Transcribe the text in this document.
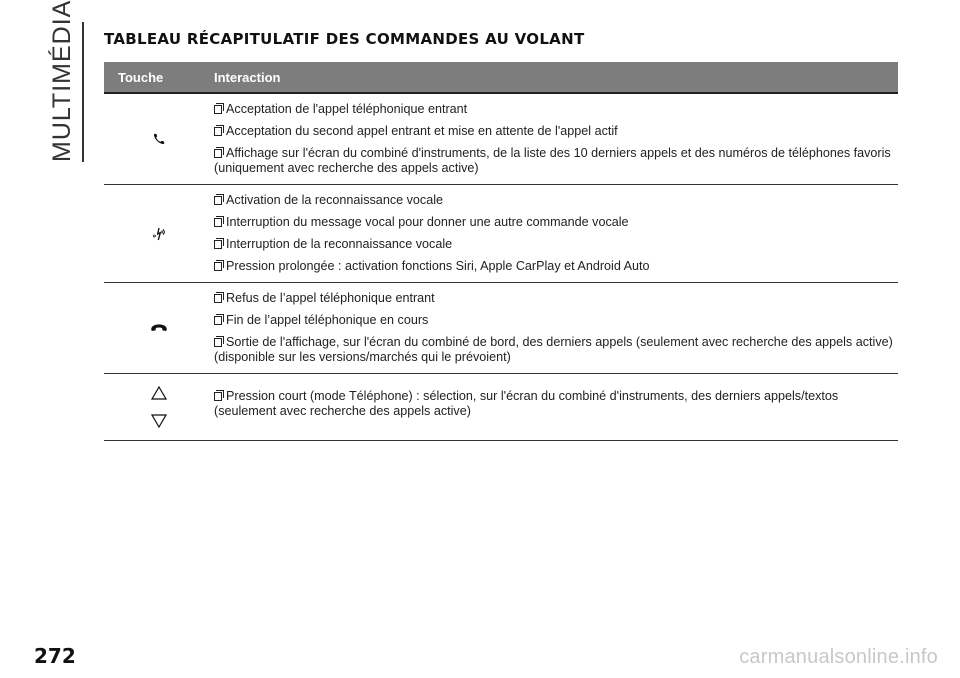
MULTIMÉDIA TABLEAU RÉCAPITULATIF DES COMMANDES AU VOLANT
Touche	Interaction
Acceptation de l'appel téléphonique entrant
Acceptation du second appel entrant et mise en attente de l'appel actif
Affichage sur l'écran du combiné d'instruments, de la liste des 10 derniers appels et des numéros de téléphones favoris (uniquement avec recherche des appels active)
Activation de la reconnaissance vocale
Interruption du message vocal pour donner une autre commande vocale
Interruption de la reconnaissance vocale
Pression prolongée : activation fonctions Siri, Apple CarPlay et Android Auto
Refus de l’appel téléphonique entrant
Fin de l’appel téléphonique en cours
Sortie de l'affichage, sur l'écran du combiné de bord, des derniers appels (seulement avec recherche des appels active) (disponible sur les versions/marchés qui le prévoient)
Pression court (mode Téléphone) : sélection, sur l'écran du combiné d'instruments, des derniers appels/textos (seulement avec recherche des appels active)
272	carmanualsonline.info
